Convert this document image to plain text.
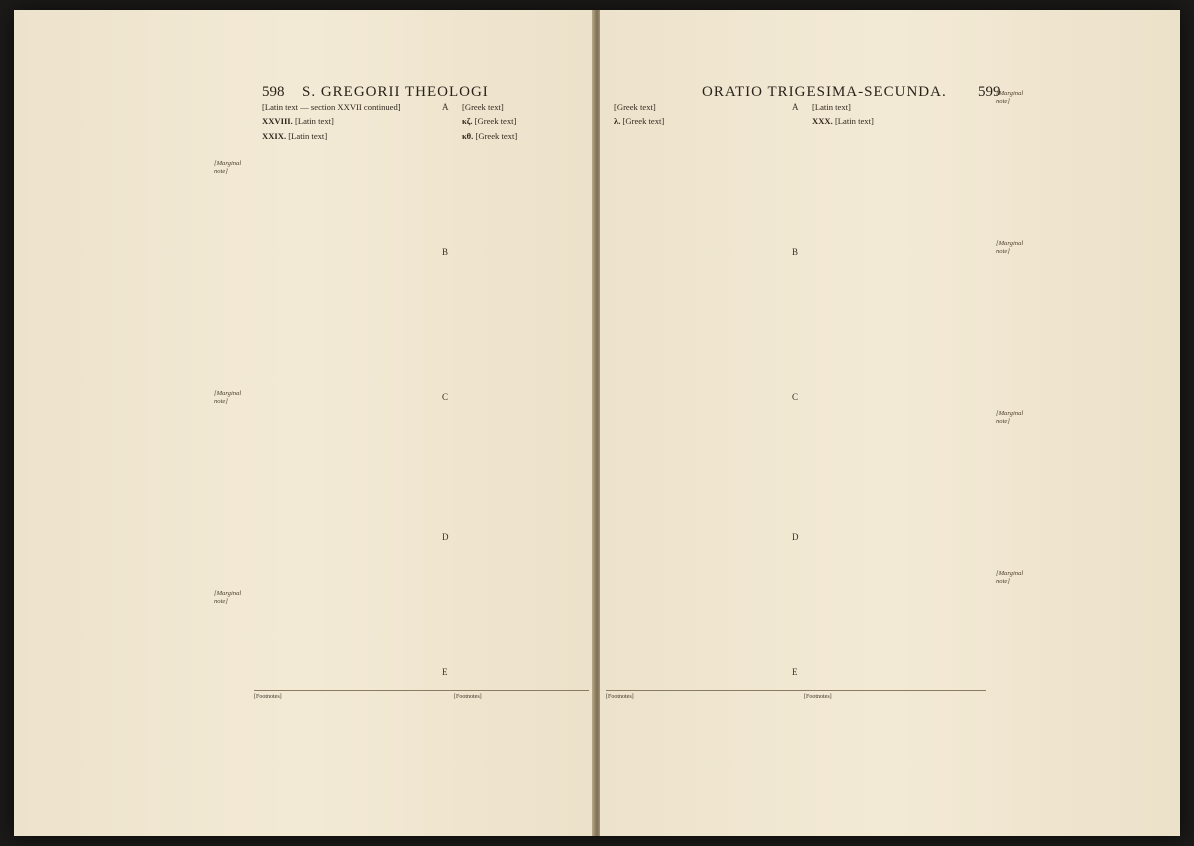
598 S. GREGORII THEOLOGI
[Marginal note]
[Marginal note]
[Marginal note]

[Latin text — section XXVII continued]

XXVIII. [Latin text]

XXIX. [Latin text]

A
B
C
D
E

[Greek text]

κζ. [Greek text]

κθ. [Greek text]

[Footnotes]	[Footnotes]
ORATIO TRIGESIMA-SECUNDA. 599

[Greek text]

λ. [Greek text]

A
B
C
D
E

[Latin text]

XXX. [Latin text]

[Marginal note]
[Marginal note]
[Marginal note]
[Marginal note]
[Footnotes]	[Footnotes]
